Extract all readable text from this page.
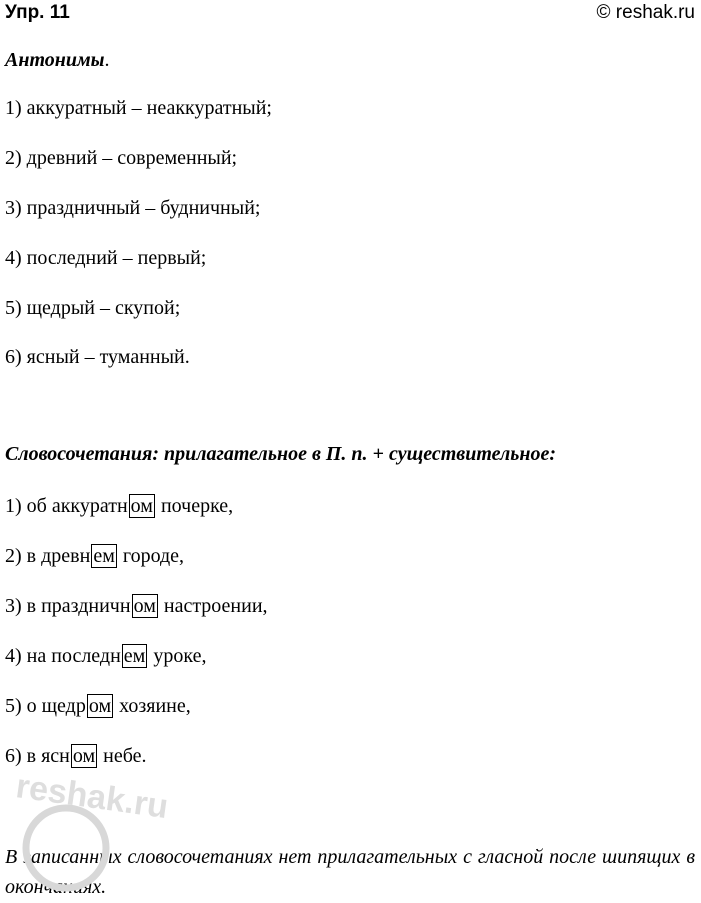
Упр. 11	© reshak.ru
Антонимы.
1) аккуратный – неаккуратный;
2) древний – современный;
3) праздничный – будничный;
4) последний – первый;
5) щедрый – скупой;
6) ясный – туманный.
Словосочетания: прилагательное в П. п. + существительное:
1) об аккуратн ом почерке,
2) в древн ем городе,
3) в праздничн ом настроении,
4) на последн ем уроке,
5) о щедр ом хозяине,
6) в ясн ом небе.
В записанных словосочетаниях нет прилагательных с гласной после шипящих в окончаниях.
reshak.ru
